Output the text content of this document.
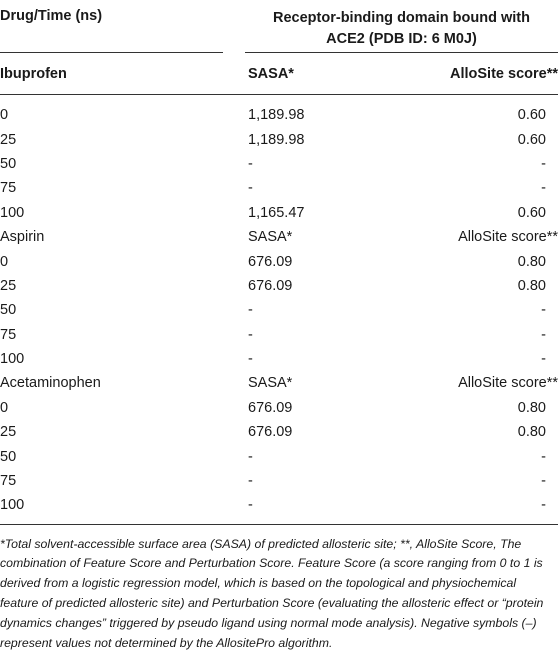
Drug/Time (ns)	Receptor-binding domain bound with
ACE2 (PDB ID: 6 M0J)
Ibuprofen	SASA*	AlloSite score**
0	1,189.98	0.60
25	1,189.98	0.60
50	-	-
75	-	-
100	1,165.47	0.60
Aspirin	SASA*	AlloSite score**
0	676.09	0.80
25	676.09	0.80
50	-	-
75	-	-
100	-	-
Acetaminophen	SASA*	AlloSite score**
0	676.09	0.80
25	676.09	0.80
50	-	-
75	-	-
100	-	-
*Total solvent-accessible surface area (SASA) of predicted allosteric site; **, AlloSite Score, The combination of Feature Score and Perturbation Score. Feature Score (a score ranging from 0 to 1 is derived from a logistic regression model, which is based on the topological and physiochemical feature of predicted allosteric site) and Perturbation Score (evaluating the allosteric effect or “protein dynamics changes” triggered by pseudo ligand using normal mode analysis). Negative symbols (–) represent values not determined by the AllositePro algorithm.
